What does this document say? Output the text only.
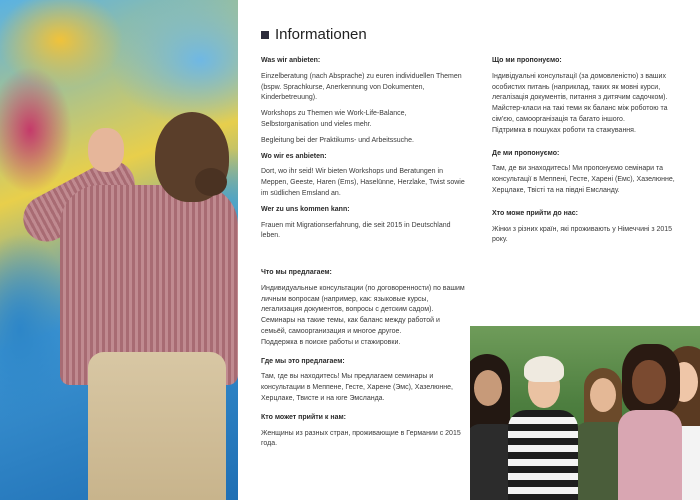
Informationen

Was wir anbieten:

Einzelberatung (nach Absprache) zu euren individuellen Themen (bspw. Sprachkurse, Anerkennung von Dokumenten, Kinderbetreuung).

Workshops zu Themen wie Work-Life-Balance, Selbstorganisation und vieles mehr.

Begleitung bei der Praktikums- und Arbeitssuche.

Wo wir es anbieten:

Dort, wo ihr seid! Wir bieten Workshops und Beratungen in Meppen, Geeste, Haren (Ems), Haselünne, Herzlake, Twist sowie im südlichen Emsland an.

Wer zu uns kommen kann:

Frauen mit Migrationserfahrung, die seit 2015 in Deutschland leben.

Что мы предлагаем:

Индивидуальные консультации (по договоренности) по вашим личным вопросам (например, как: языковые курсы, легализация документов, вопросы с детским садом).

Семинары на такие темы, как баланс между работой и семьёй, самоорганизация и многое другое.

Поддержка в поиске работы и стажировки.

Где мы это предлагаем:

Там, где вы находитесь! Мы предлагаем семинары и консультации в Меппене, Гесте, Харене (Эмс), Хазелюнне, Херцлаке, Твисте и на юге Эмсланда.

Кто может прийти к нам:

Женщины из разных стран, проживающие в Германии с 2015 года.

Що ми пропонуємо:

Індивідуальні консультації (за домовленістю) з ваших особистих питань (наприклад, таких як мовні курси, легалізація документів, питання з дитячим садочком).

Майстер-класи на такі теми як баланс між роботою та сім'єю, самоорганізація та багато іншого.

Підтримка в пошуках роботи та стажування.

Де ми пропонуємо:

Там, де ви знаходитесь! Ми пропонуємо семінари та консультації в Меппені, Гесте, Харені (Емс), Хазелюнне, Херцлаке, Твісті та на півдні Емсланду.

Хто може прийти до нас:

Жінки з різних країн, які проживають у Німеччині з 2015 року.
